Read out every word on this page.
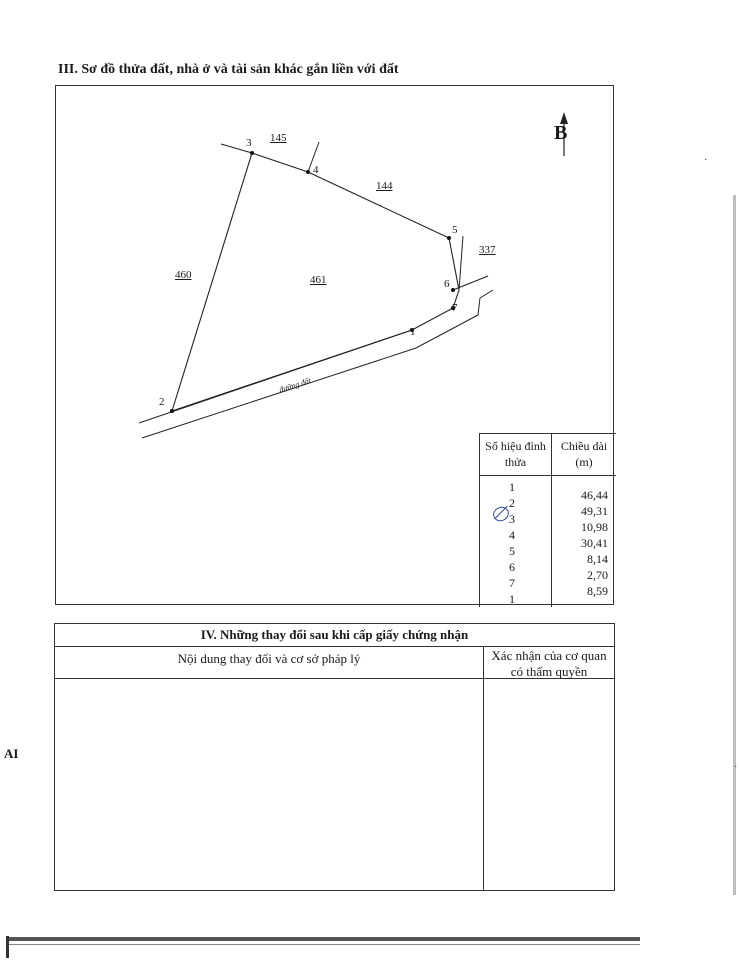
III. Sơ đồ thửa đất, nhà ở và tài sản khác gắn liền với đất
AI
·
·
B
3
4
5
6
7
1
2
145
144
337
460	461
đường đất
Số hiệu đỉnh thửa
Chiều dài (m)
1
46,44
2
49,31
3
10,98
4
30,41
5
8,14
6
2,70
7
8,59
1
IV. Những thay đổi sau khi cấp giấy chứng nhận
Nội dung thay đổi và cơ sở pháp lý	Xác nhận của cơ quan có thẩm quyền
